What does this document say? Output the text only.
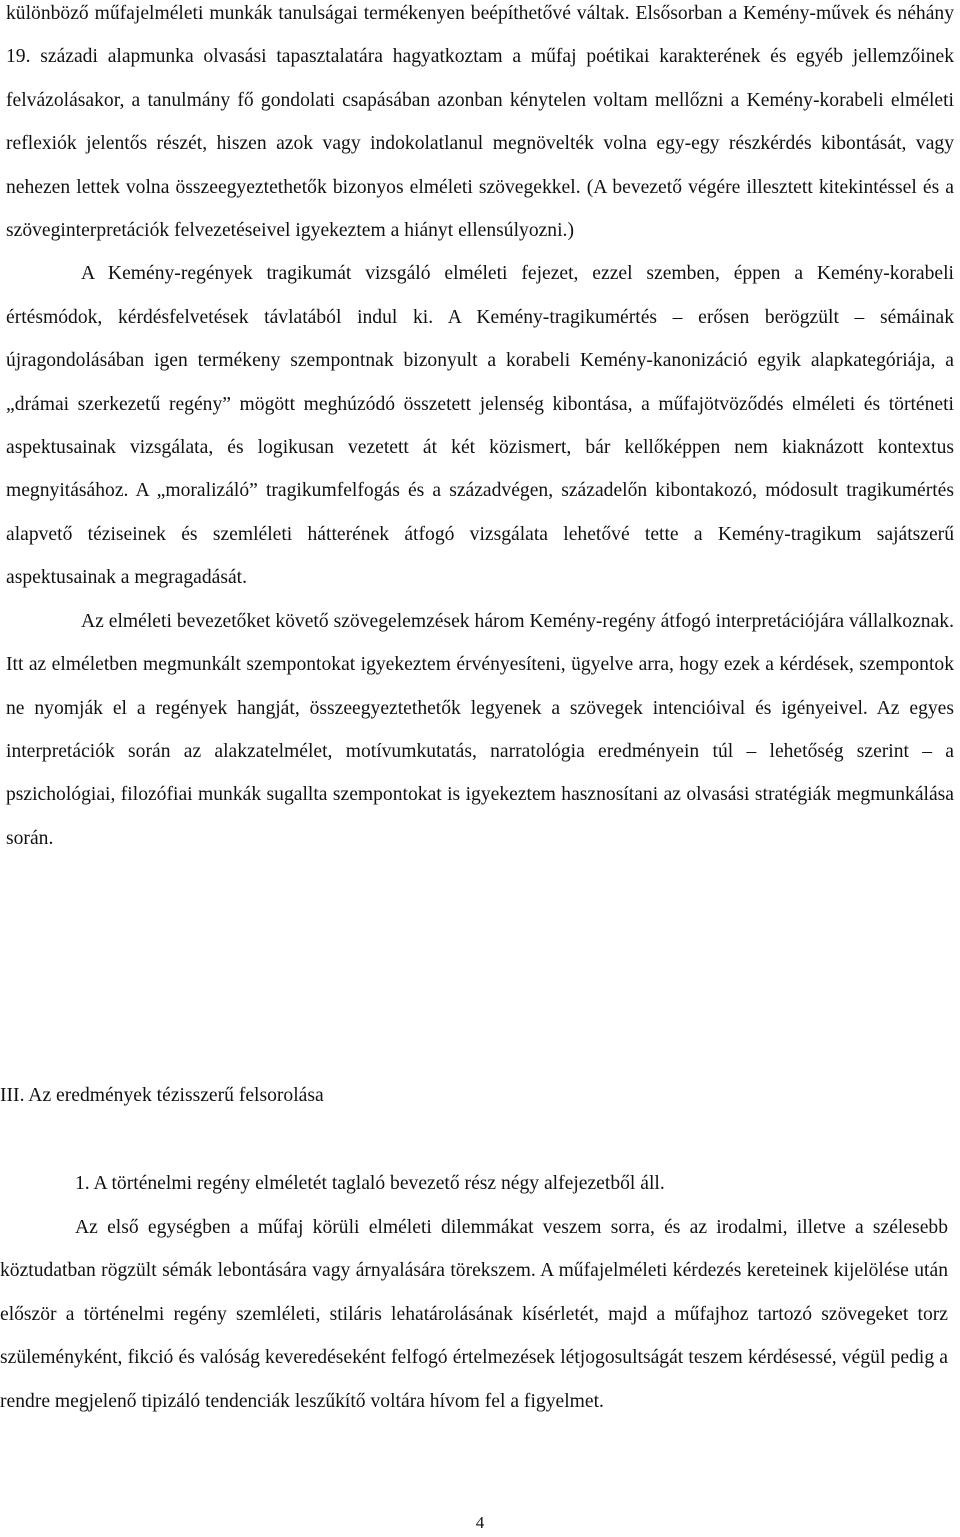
különböző műfajelméleti munkák tanulságai termékenyen beépíthetővé váltak. Elsősorban a Kemény-művek és néhány 19. századi alapmunka olvasási tapasztalatára hagyatkoztam a műfaj poétikai karakterének és egyéb jellemzőinek felvázolásakor, a tanulmány fő gondolati csapásában azonban kénytelen voltam mellőzni a Kemény-korabeli elméleti reflexiók jelentős részét, hiszen azok vagy indokolatlanul megnövelték volna egy-egy részkérdés kibontását, vagy nehezen lettek volna összeegyeztethetők bizonyos elméleti szövegekkel. (A bevezető végére illesztett kitekintéssel és a szöveginterpretációk felvezetéseivel igyekeztem a hiányt ellensúlyozni.)

A Kemény-regények tragikumát vizsgáló elméleti fejezet, ezzel szemben, éppen a Kemény-korabeli értésmódok, kérdésfelvetések távlatából indul ki. A Kemény-tragikumértés – erősen berögzült – sémáinak újragondolásában igen termékeny szempontnak bizonyult a korabeli Kemény-kanonizáció egyik alapkategóriája, a „drámai szerkezetű regény” mögött meghúzódó összetett jelenség kibontása, a műfajötvöződés elméleti és történeti aspektusainak vizsgálata, és logikusan vezetett át két közismert, bár kellőképpen nem kiaknázott kontextus megnyitásához. A „moralizáló” tragikumfelfogás és a századvégen, századelőn kibontakozó, módosult tragikumértés alapvető téziseinek és szemléleti hátterének átfogó vizsgálata lehetővé tette a Kemény-tragikum sajátszerű aspektusainak a megragadását.

Az elméleti bevezetőket követő szövegelemzések három Kemény-regény átfogó interpretációjára vállalkoznak. Itt az elméletben megmunkált szempontokat igyekeztem érvényesíteni, ügyelve arra, hogy ezek a kérdések, szempontok ne nyomják el a regények hangját, összeegyeztethetők legyenek a szövegek intencióival és igényeivel. Az egyes interpretációk során az alakzatelmélet, motívumkutatás, narratológia eredményein túl – lehetőség szerint – a pszichológiai, filozófiai munkák sugallta szempontokat is igyekeztem hasznosítani az olvasási stratégiák megmunkálása során.

III. Az eredmények tézisszerű felsorolása

1. A történelmi regény elméletét taglaló bevezető rész négy alfejezetből áll.

Az első egységben a műfaj körüli elméleti dilemmákat veszem sorra, és az irodalmi, illetve a szélesebb köztudatban rögzült sémák lebontására vagy árnyalására törekszem. A műfajelméleti kérdezés kereteinek kijelölése után először a történelmi regény szemléleti, stiláris lehatárolásának kísérletét, majd a műfajhoz tartozó szövegeket torz szüleményként, fikció és valóság keveredéseként felfogó értelmezések létjogosultságát teszem kérdésessé, végül pedig a rendre megjelenő tipizáló tendenciák leszűkítő voltára hívom fel a figyelmet.

4
